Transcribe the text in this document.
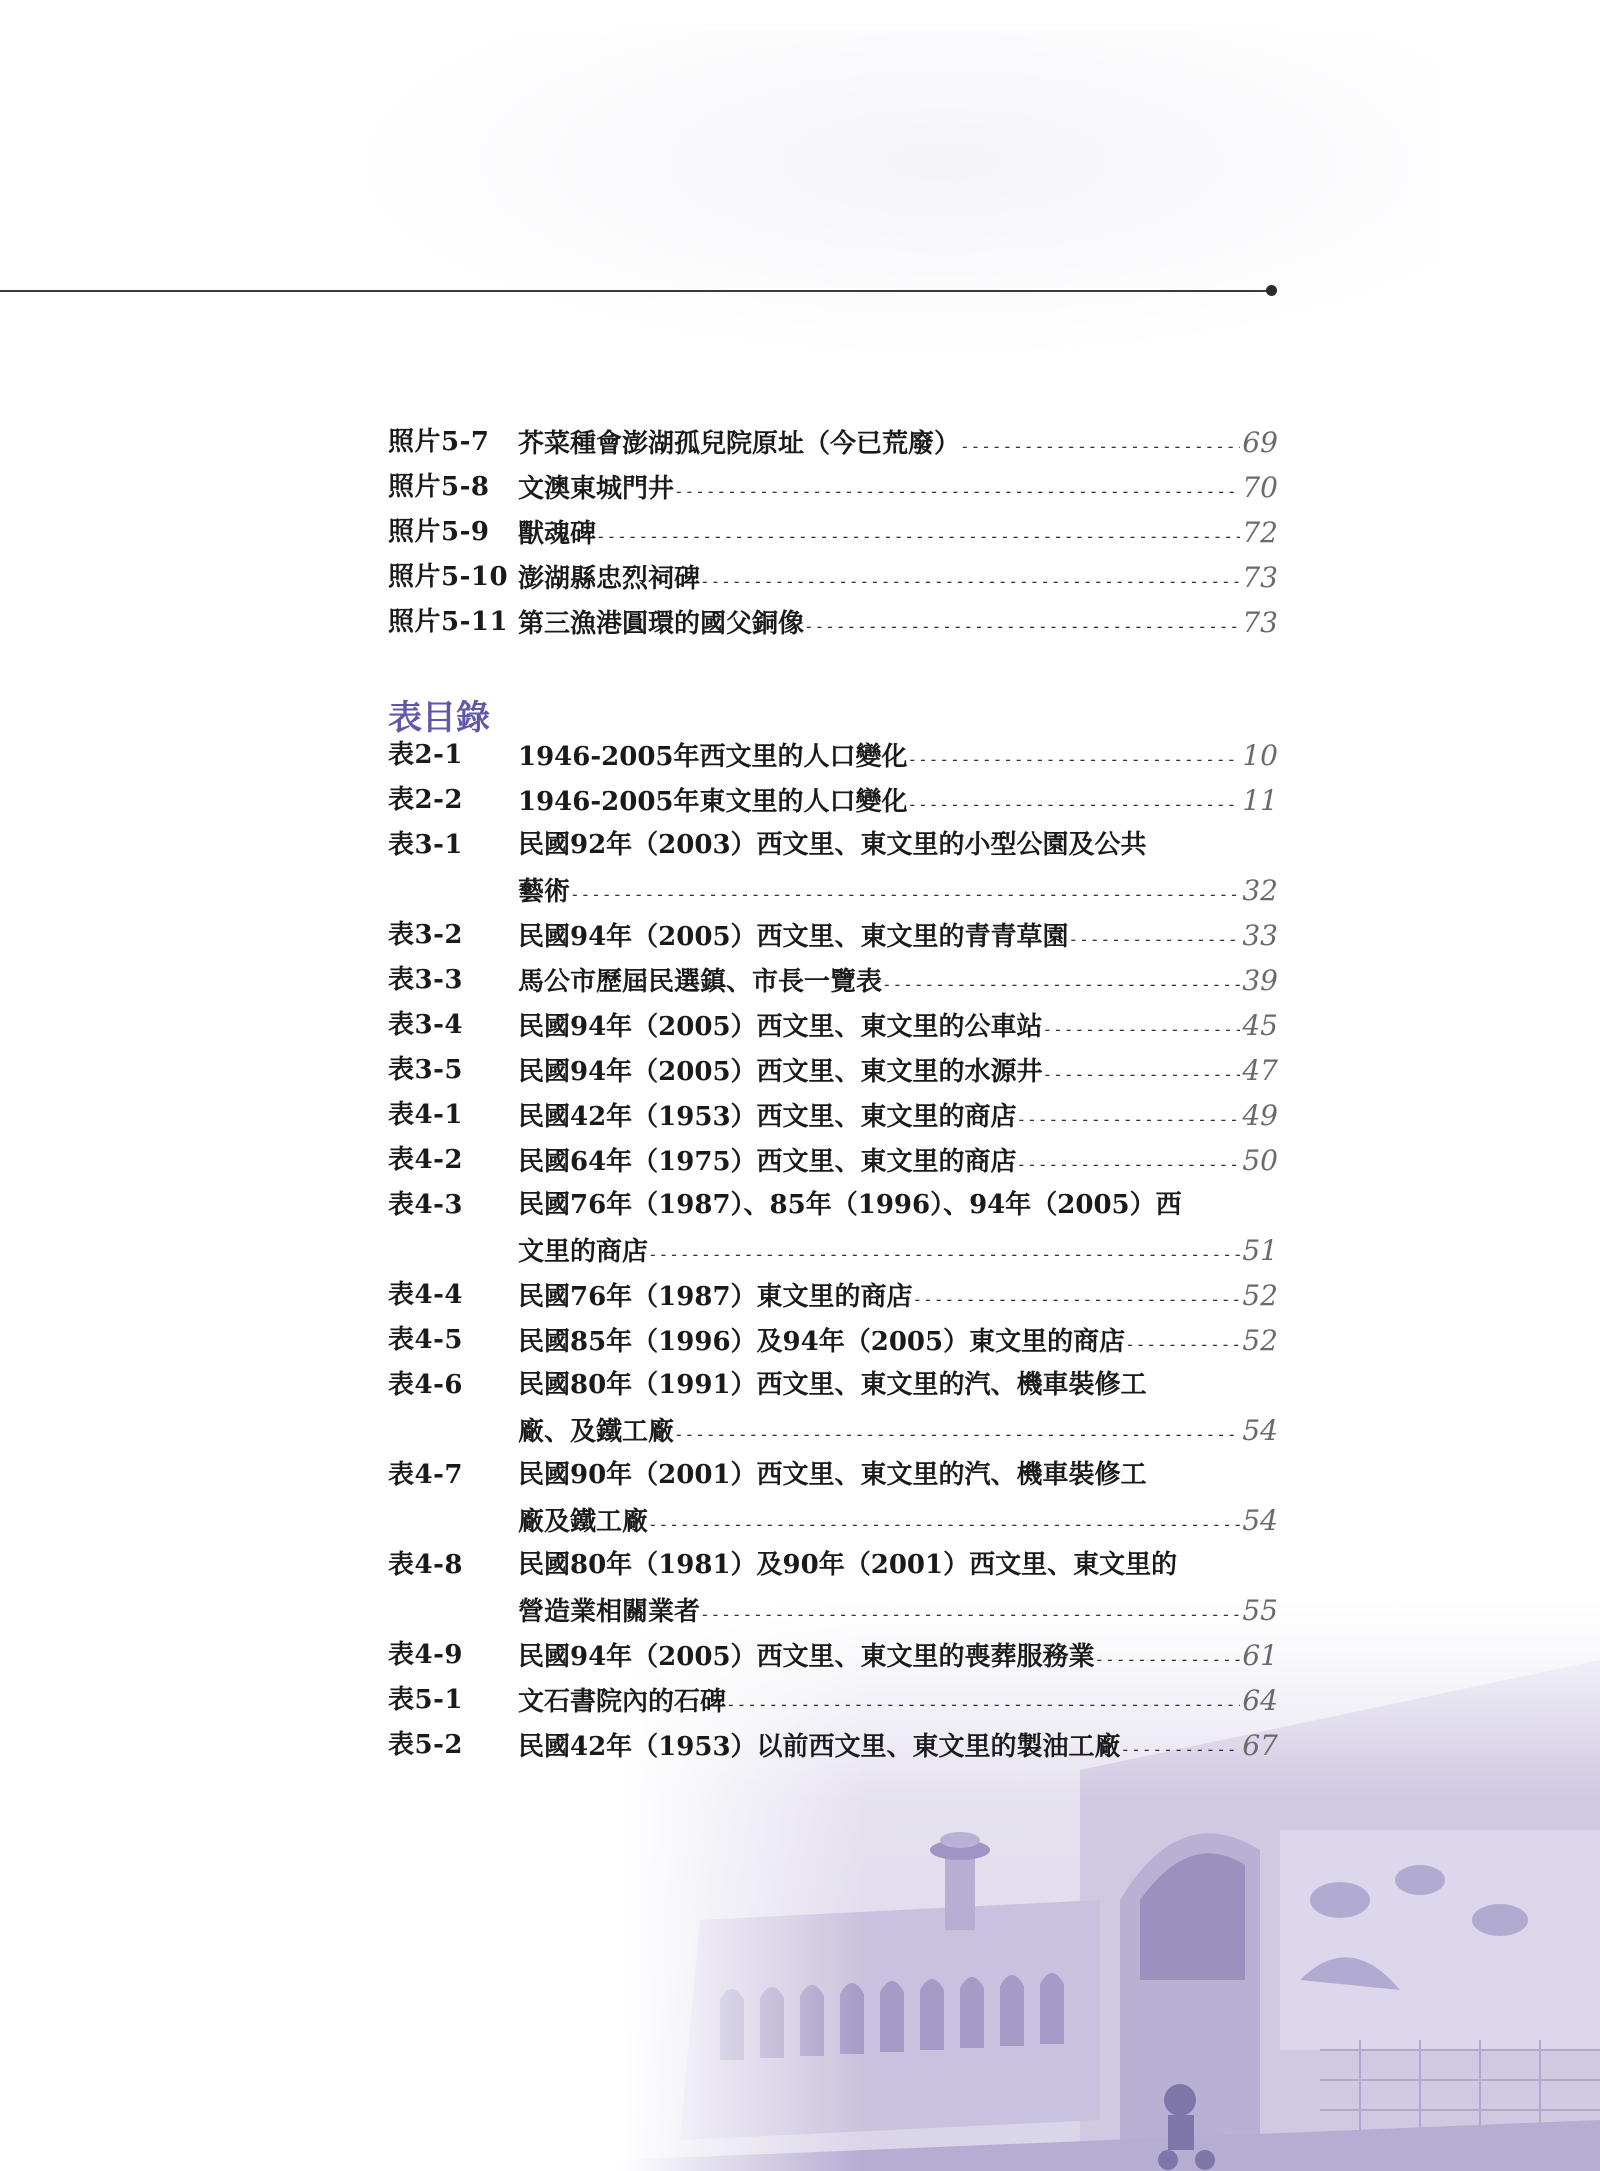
照片5-7	芥菜種會澎湖孤兒院原址（今已荒廢） -----	69
照片5-8	文澳東城門井 -----	70
照片5-9	獸魂碑 -----	72
照片5-10 澎湖縣忠烈祠碑 -----	73
照片5-11 第三漁港圓環的國父銅像 -----	73
表目錄
表2-1	1946-2005年西文里的人口變化 -----	10
表2-2	1946-2005年東文里的人口變化 -----	11
表3-1	民國92年（2003）西文里、東文里的小型公園及公共
藝術 -----	32
表3-2	民國94年（2005）西文里、東文里的青青草園 -----	33
表3-3	馬公市歷屆民選鎮、市長一覽表 -----	39
表3-4	民國94年（2005）西文里、東文里的公車站 -----	45
表3-5	民國94年（2005）西文里、東文里的水源井 -----	47
表4-1	民國42年（1953）西文里、東文里的商店 -----	49
表4-2	民國64年（1975）西文里、東文里的商店 -----	50
表4-3	民國76年（1987）、85年（1996）、94年（2005）西
文里的商店 -----	51
表4-4	民國76年（1987）東文里的商店 -----	52
表4-5	民國85年（1996）及94年（2005）東文里的商店 -----	52
表4-6	民國80年（1991）西文里、東文里的汽、機車裝修工
廠、及鐵工廠 -----	54
表4-7	民國90年（2001）西文里、東文里的汽、機車裝修工
廠及鐵工廠 -----	54
表4-8	民國80年（1981）及90年（2001）西文里、東文里的
營造業相關業者 -----	55
表4-9	民國94年（2005）西文里、東文里的喪葬服務業 -----	61
表5-1	文石書院內的石碑 -----	64
表5-2	民國42年（1953）以前西文里、東文里的製油工廠 -----	67
